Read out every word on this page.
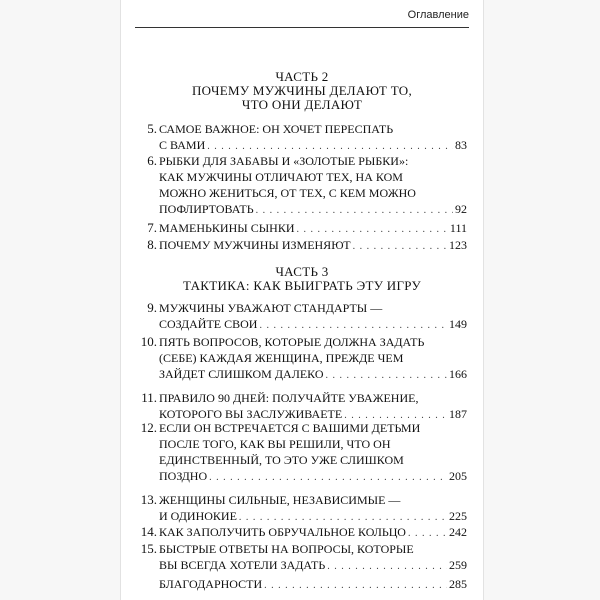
Оглавление
ЧАСТЬ 2
ПОЧЕМУ МУЖЧИНЫ ДЕЛАЮТ ТО,
ЧТО ОНИ ДЕЛАЮТ
5. САМОЕ ВАЖНОЕ: ОН ХОЧЕТ ПЕРЕСПАТЬ
С ВАМИ . . .	83
6. РЫБКИ ДЛЯ ЗАБАВЫ И «ЗОЛОТЫЕ РЫБКИ»:
КАК МУЖЧИНЫ ОТЛИЧАЮТ ТЕХ, НА КОМ
МОЖНО ЖЕНИТЬСЯ, ОТ ТЕХ, С КЕМ МОЖНО
ПОФЛИРТОВАТЬ . . .	92
7. МАМЕНЬКИНЫ СЫНКИ . . .	111
8. ПОЧЕМУ МУЖЧИНЫ ИЗМЕНЯЮТ . . .	123
ЧАСТЬ 3
ТАКТИКА: КАК ВЫИГРАТЬ ЭТУ ИГРУ
9. МУЖЧИНЫ УВАЖАЮТ СТАНДАРТЫ —
СОЗДАЙТЕ СВОИ . . .	149
10. ПЯТЬ ВОПРОСОВ, КОТОРЫЕ ДОЛЖНА ЗАДАТЬ
(СЕБЕ) КАЖДАЯ ЖЕНЩИНА, ПРЕЖДЕ ЧЕМ
ЗАЙДЕТ СЛИШКОМ ДАЛЕКО . . .	166
11. ПРАВИЛО 90 ДНЕЙ: ПОЛУЧАЙТЕ УВАЖЕНИЕ,
КОТОРОГО ВЫ ЗАСЛУЖИВАЕТЕ . . .	187
12. ЕСЛИ ОН ВСТРЕЧАЕТСЯ С ВАШИМИ ДЕТЬМИ
ПОСЛЕ ТОГО, КАК ВЫ РЕШИЛИ, ЧТО ОН
ЕДИНСТВЕННЫЙ, ТО ЭТО УЖЕ СЛИШКОМ
ПОЗДНО . . .	205
13. ЖЕНЩИНЫ СИЛЬНЫЕ, НЕЗАВИСИМЫЕ —
И ОДИНОКИЕ . . .	225
14. КАК ЗАПОЛУЧИТЬ ОБРУЧАЛЬНОЕ КОЛЬЦО . . .	242
15. БЫСТРЫЕ ОТВЕТЫ НА ВОПРОСЫ, КОТОРЫЕ
ВЫ ВСЕГДА ХОТЕЛИ ЗАДАТЬ . . .	259
БЛАГОДАРНОСТИ . . .	285
